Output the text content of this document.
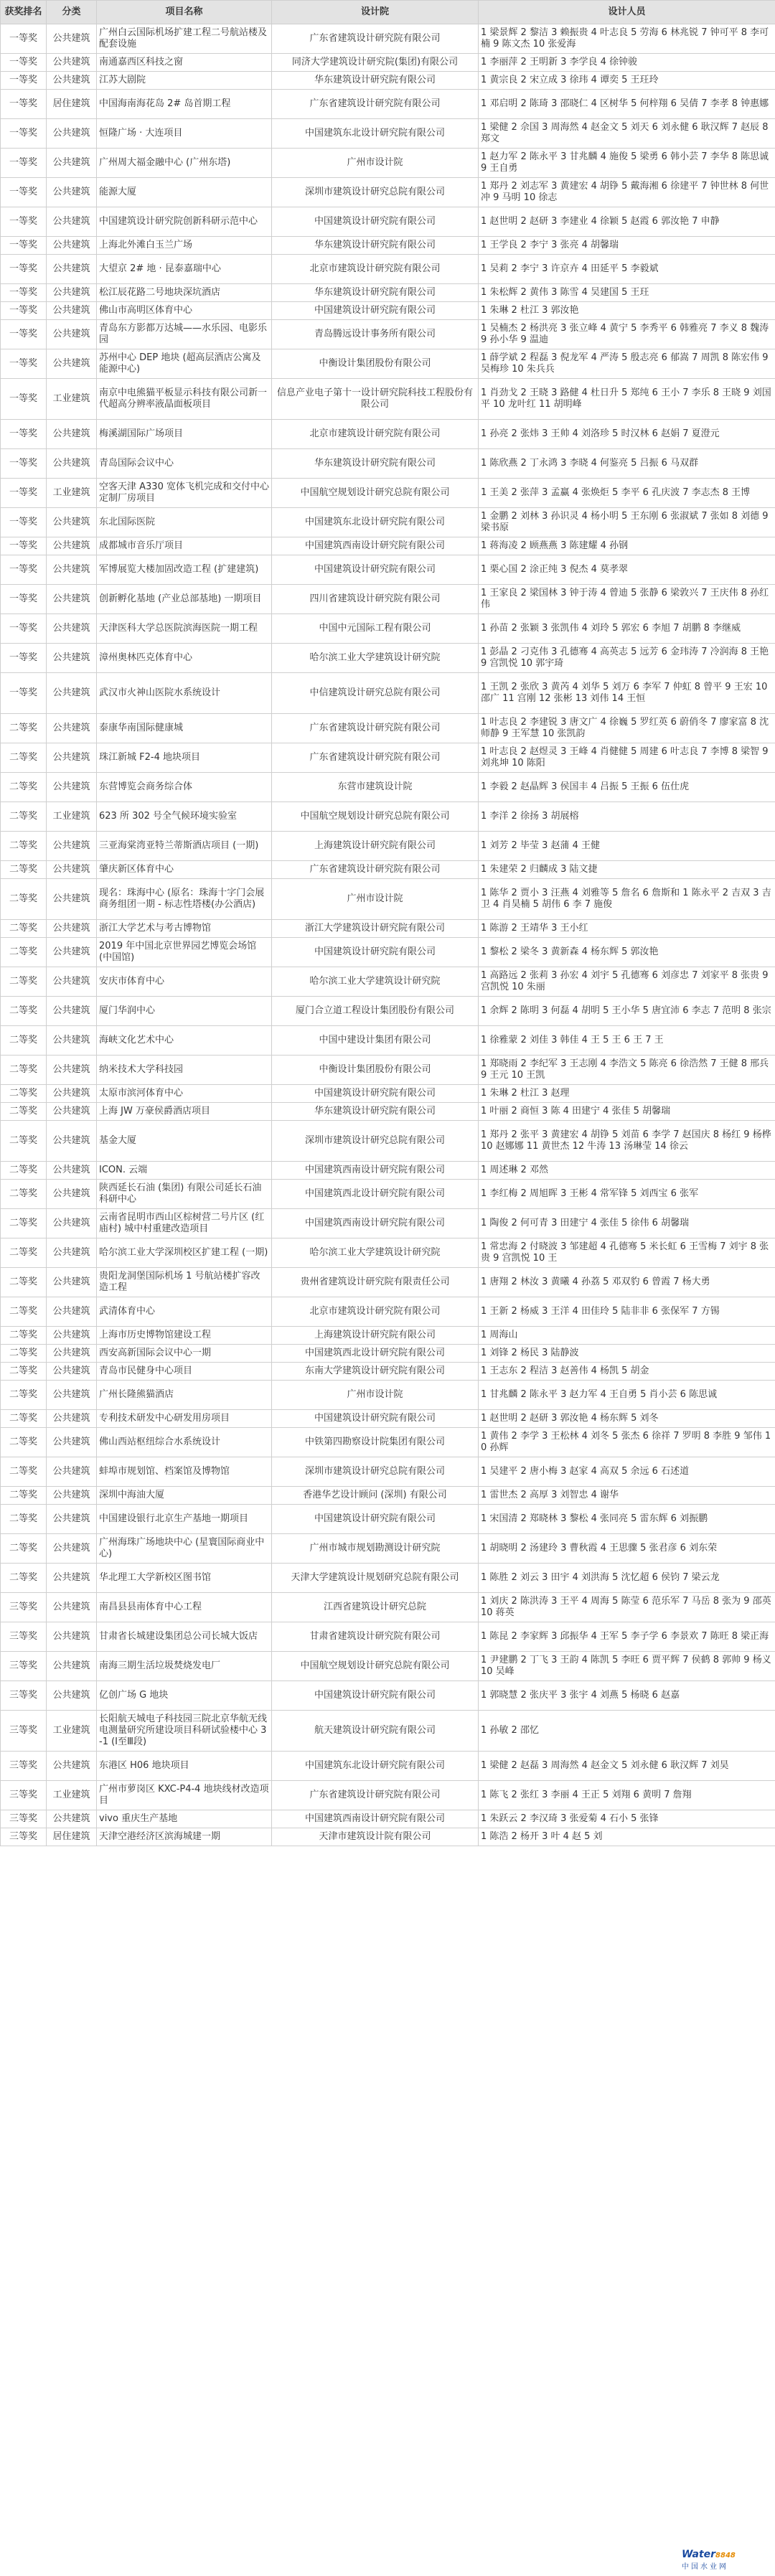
获奖排名	分类	项目名称	设计院	设计人员
一等奖	公共建筑	广州白云国际机场扩建工程二号航站楼及配套设施	广东省建筑设计研究院有限公司	1 梁景辉 2 黎洁 3 赖振贵 4 叶志良 5 劳海 6 林兆锐 7 钟可平 8 李可楠 9 陈文杰 10 张爱海
一等奖	公共建筑	南通嘉西区科技之窗	同济大学建筑设计研究院(集团)有限公司	1 李丽萍 2 王明新 3 李学良 4 徐钟骏
一等奖	公共建筑	江苏大剧院	华东建筑设计研究院有限公司	1 黄宗良 2 宋立成 3 徐玮 4 谭奕 5 王玨玲
一等奖	居住建筑	中国海南海花岛 2# 岛首期工程	广东省建筑设计研究院有限公司	1 邓启明 2 陈琦 3 邵晓仁 4 区树华 5 何梓翔 6 吴倩 7 李孝 8 钟惠娜
一等奖	公共建筑	恒隆广场 · 大连项目	中国建筑东北设计研究院有限公司	1 梁健 2 佘国 3 周海然 4 赵金文 5 刘天 6 刘永健 6 耿汉辉 7 赵辰 8 郑文
一等奖	公共建筑	广州周大福金融中心 (广州东塔)	广州市设计院	1 赵力军 2 陈永平 3 甘兆麟 4 施俊 5 梁勇 6 韩小芸 7 李华 8 陈思诚 9 王自勇
一等奖	公共建筑	能源大厦	深圳市建筑设计研究总院有限公司	1 郑丹 2 刘志军 3 黄建宏 4 胡铮 5 戴海湘 6 徐建平 7 钟世林 8 何世冲 9 马明 10 徐志
一等奖	公共建筑	中国建筑设计研究院创新科研示范中心	中国建筑设计研究院有限公司	1 赵世明 2 赵研 3 李建业 4 徐颖 5 赵霞 6 郭汝艳 7 申静
一等奖	公共建筑	上海北外滩白玉兰广场	华东建筑设计研究院有限公司	1 王学良 2 李宁 3 张亮 4 胡馨瑞
一等奖	公共建筑	大望京 2# 地 · 昆泰嘉瑞中心	北京市建筑设计研究院有限公司	1 吴莉 2 李宁 3 许京卉 4 田延平 5 李毅斌
一等奖	公共建筑	松江辰花路二号地块深坑酒店	华东建筑设计研究院有限公司	1 朱松辉 2 黄伟 3 陈雪 4 吴建国 5 王玨
一等奖	公共建筑	佛山市高明区体育中心	中国建筑设计研究院有限公司	1 朱琳 2 杜江 3 郭汝艳
一等奖	公共建筑	青岛东方影都万达城——水乐园、电影乐园	青岛腾远设计事务所有限公司	1 吴楠杰 2 杨洪亮 3 张立峰 4 黄宁 5 李秀平 6 韩雅亮 7 李义 8 魏涛 9 孙小华 9 温迪
一等奖	公共建筑	苏州中心 DEP 地块 (超高层酒店公寓及能源中心)	中衡设计集团股份有限公司	1 薛学斌 2 程磊 3 倪龙军 4 严涛 5 殷志亮 6 郁嵩 7 周凯 8 陈宏伟 9 吴梅珍 10 朱兵兵
一等奖	工业建筑	南京中电熊猫平板显示科技有限公司新一代超高分辨率液晶面板项目	信息产业电子第十一设计研究院科技工程股份有限公司	1 肖劲戈 2 王晓 3 路健 4 杜日升 5 郑纯 6 王小 7 李乐 8 王晓 9 刘国平 10 龙叶红 11 胡明峰
一等奖	公共建筑	梅溪湖国际广场项目	北京市建筑设计研究院有限公司	1 孙亮 2 张炜 3 王帅 4 刘洛珍 5 时汉林 6 赵娟 7 夏澄元
一等奖	公共建筑	青岛国际会议中心	华东建筑设计研究院有限公司	1 陈欣燕 2 丁永鸿 3 李晓 4 何鉴亮 5 吕振 6 马双群
一等奖	工业建筑	空客天津 A330 宽体飞机完成和交付中心定制厂房项目	中国航空规划设计研究总院有限公司	1 王美 2 张萍 3 孟赢 4 张焕炬 5 李平 6 孔庆波 7 李志杰 8 王博
一等奖	公共建筑	东北国际医院	中国建筑东北设计研究院有限公司	1 金鹏 2 刘林 3 孙识灵 4 杨小明 5 王东刚 6 张淑斌 7 张如 8 刘德 9 梁书原
一等奖	公共建筑	成都城市音乐厅项目	中国建筑西南设计研究院有限公司	1 蒋海凌 2 顾燕燕 3 陈建耀 4 孙钢
一等奖	公共建筑	军博展览大楼加固改造工程 (扩建建筑)	中国建筑设计研究院有限公司	1 栗心国 2 涂正纯 3 倪杰 4 莫孝翠
一等奖	公共建筑	创新孵化基地 (产业总部基地) 一期项目	四川省建筑设计研究院有限公司	1 王家良 2 梁国林 3 钟于涛 4 曾迪 5 张静 6 梁敦兴 7 王庆伟 8 孙红伟
一等奖	公共建筑	天津医科大学总医院滨海医院一期工程	中国中元国际工程有限公司	1 孙苗 2 张颖 3 张凯伟 4 刘玲 5 郭宏 6 李旭 7 胡鹏 8 李继威
一等奖	公共建筑	漳州奥林匹克体育中心	哈尔滨工业大学建筑设计研究院	1 彭晶 2 刁克伟 3 孔德骞 4 高英志 5 远芳 6 金玮涛 7 冷润海 8 王艳 9 宫凯悦 10 郭宇琦
一等奖	公共建筑	武汉市火神山医院水系统设计	中信建筑设计研究总院有限公司	1 王凯 2 张欣 3 黄芮 4 刘华 5 刘万 6 李军 7 仲虹 8 曾平 9 王宏 10 邵广 11 宫刚 12 张彬 13 刘伟 14 王恒
二等奖	公共建筑	泰康华南国际健康城	广东省建筑设计研究院有限公司	1 叶志良 2 李建锐 3 唐文广 4 徐巍 5 罗红英 6 蔚俏冬 7 廖家富 8 沈师静 9 王军慧 10 张凯韵
二等奖	公共建筑	珠江新城 F2-4 地块项目	广东省建筑设计研究院有限公司	1 叶志良 2 赵煜灵 3 王峰 4 肖健健 5 周建 6 叶志良 7 李博 8 梁智 9 刘兆坤 10 陈阳
二等奖	公共建筑	东营博览会商务综合体	东营市建筑设计院	1 李毅 2 赵晶辉 3 侯国丰 4 吕振 5 王振 6 伍仕虎
二等奖	工业建筑	623 所 302 号全气候环境实验室	中国航空规划设计研究总院有限公司	1 李洋 2 徐扬 3 胡展榕
二等奖	公共建筑	三亚海棠湾亚特兰蒂斯酒店项目 (一期)	上海建筑设计研究院有限公司	1 刘芳 2 毕莹 3 赵蒲 4 王健
二等奖	公共建筑	肇庆新区体育中心	广东省建筑设计研究院有限公司	1 朱建荣 2 归麟成 3 陆文捷
二等奖	公共建筑	现名：珠海中心 (原名：珠海十字门会展商务组团一期 - 标志性塔楼(办公酒店)	广州市设计院	1 陈华 2 贾小 3 汪燕 4 刘雅等 5 詹名 6 詹斯和 1 陈永平 2 吉双 3 吉卫 4 肖昊楠 5 胡伟 6 李 7 施俊
二等奖	公共建筑	浙江大学艺术与考古博物馆	浙江大学建筑设计研究院有限公司	1 陈游 2 王靖华 3 王小红
二等奖	公共建筑	2019 年中国北京世界园艺博览会场馆 (中国馆)	中国建筑设计研究院有限公司	1 黎松 2 梁冬 3 黄新森 4 杨东辉 5 郭汝艳
二等奖	公共建筑	安庆市体育中心	哈尔滨工业大学建筑设计研究院	1 高路远 2 张莉 3 孙宏 4 刘宇 5 孔德骞 6 刘彦忠 7 刘家平 8 张贵 9 宫凯悦 10 朱丽
二等奖	公共建筑	厦门华润中心	厦门合立道工程设计集团股份有限公司	1 余辉 2 陈明 3 何磊 4 胡明 5 王小华 5 唐宜沛 6 李志 7 范明 8 张宗
二等奖	公共建筑	海峡文化艺术中心	中国中建设计集团有限公司	1 徐雅蒙 2 刘佳 3 韩佳 4 王 5 王 6 王 7 王
二等奖	公共建筑	纳米技术大学科技园	中衡设计集团股份有限公司	1 郑晓雨 2 李纪军 3 王志刚 4 李浩文 5 陈亮 6 徐浩然 7 王健 8 邢兵 9 王元 10 王凯
二等奖	公共建筑	太原市滨河体育中心	中国建筑设计研究院有限公司	1 朱琳 2 杜江 3 赵理
二等奖	公共建筑	上海 JW 万豪侯爵酒店项目	华东建筑设计研究院有限公司	1 叶丽 2 商恒 3 陈 4 田建宁 4 张佳 5 胡馨瑞
二等奖	公共建筑	基金大厦	深圳市建筑设计研究总院有限公司	1 郑丹 2 张平 3 黄建宏 4 胡铮 5 刘苗 6 李学 7 赵国庆 8 杨红 9 杨桦 10 赵娜娜 11 黄世杰 12 牛涛 13 汤琳莹 14 徐云
二等奖	公共建筑	ICON. 云端	中国建筑西南设计研究院有限公司	1 周述琳 2 邓然
二等奖	公共建筑	陕西延长石油 (集团) 有限公司延长石油科研中心	中国建筑西北设计研究院有限公司	1 李红梅 2 周旭晖 3 王彬 4 常军锋 5 刘西宝 6 张军
二等奖	公共建筑	云南省昆明市西山区棕树营二号片区 (红庙村) 城中村重建改造项目	中国建筑西南设计研究院有限公司	1 陶俊 2 何可青 3 田建宁 4 张佳 5 徐伟 6 胡馨瑞
二等奖	公共建筑	哈尔滨工业大学深圳校区扩建工程 (一期)	哈尔滨工业大学建筑设计研究院	1 常忠海 2 付晓波 3 邹建超 4 孔德骞 5 米长虹 6 王雪梅 7 刘宇 8 张贵 9 宫凯悦 10 王
二等奖	公共建筑	贵阳龙洞堡国际机场 1 号航站楼扩容改造工程	贵州省建筑设计研究院有限责任公司	1 唐翔 2 林汝 3 黄曦 4 孙荔 5 邓双豹 6 曾霞 7 杨大勇
二等奖	公共建筑	武清体育中心	北京市建筑设计研究院有限公司	1 王新 2 杨威 3 王洋 4 田佳玲 5 陆非非 6 张保军 7 方锡
二等奖	公共建筑	上海市历史博物馆建设工程	上海建筑设计研究院有限公司	1 周海山
二等奖	公共建筑	西安高新国际会议中心一期	中国建筑西北设计研究院有限公司	1 刘锋 2 杨民 3 陆静波
二等奖	公共建筑	青岛市民健身中心项目	东南大学建筑设计研究院有限公司	1 王志东 2 程洁 3 赵善伟 4 杨凯 5 胡金
二等奖	公共建筑	广州长隆熊猫酒店	广州市设计院	1 甘兆麟 2 陈永平 3 赵力军 4 王自勇 5 肖小芸 6 陈思诚
二等奖	公共建筑	专利技术研发中心研发用房项目	中国建筑设计研究院有限公司	1 赵世明 2 赵研 3 郭汝艳 4 杨东辉 5 刘冬
二等奖	公共建筑	佛山西站枢纽综合水系统设计	中铁第四勘察设计院集团有限公司	1 黄伟 2 李学 3 王松林 4 刘冬 5 张杰 6 徐祥 7 罗明 8 李胜 9 邹伟 10 孙辉
二等奖	公共建筑	蚌埠市规划馆、档案馆及博物馆	深圳市建筑设计研究总院有限公司	1 吴建平 2 唐小梅 3 赵家 4 高双 5 余远 6 石述道
二等奖	公共建筑	深圳中海油大厦	香港华艺设计顾问 (深圳) 有限公司	1 雷世杰 2 高厚 3 刘智忠 4 谢华
二等奖	公共建筑	中国建设银行北京生产基地一期项目	中国建筑设计研究院有限公司	1 宋国清 2 郑晓林 3 黎松 4 张同亮 5 雷东辉 6 刘振鹏
二等奖	公共建筑	广州海珠广场地块中心 (星寰国际商业中心)	广州市城市规划勘测设计研究院	1 胡晓明 2 汤建玲 3 曹秋霞 4 王思骤 5 张君彦 6 刘东荣
二等奖	公共建筑	华北理工大学新校区图书馆	天津大学建筑设计规划研究总院有限公司	1 陈胜 2 刘云 3 田宇 4 刘洪海 5 沈忆超 6 侯钧 7 梁云龙
三等奖	公共建筑	南昌县县南体育中心工程	江西省建筑设计研究总院	1 刘庆 2 陈洪涛 3 王平 4 周海 5 陈莹 6 范乐军 7 马岳 8 张为 9 邵英 10 蒋英
三等奖	公共建筑	甘肃省长城建设集团总公司长城大饭店	甘肃省建筑设计研究院有限公司	1 陈昆 2 李家辉 3 邱振华 4 王军 5 李子学 6 李景欢 7 陈旺 8 梁正海
三等奖	公共建筑	南海三期生活垃圾焚烧发电厂	中国航空规划设计研究总院有限公司	1 尹建鹏 2 丁飞 3 王韵 4 陈凯 5 李旺 6 贾平辉 7 侯鹤 8 郭帅 9 杨义 10 吴峰
三等奖	公共建筑	亿创广场 G 地块	中国建筑设计研究院有限公司	1 郭晓慧 2 张庆平 3 张宇 4 刘燕 5 杨晓 6 赵嘉
三等奖	工业建筑	长阳航天城电子科技园三院北京华航无线电测量研究所建设项目科研试验楼中心 3-1 (Ⅰ至Ⅲ段)	航天建筑设计研究院有限公司	1 孙敏 2 邵忆
三等奖	公共建筑	东港区 H06 地块项目	中国建筑东北设计研究院有限公司	1 梁健 2 赵磊 3 周海然 4 赵金文 5 刘永健 6 耿汉辉 7 刘昊
三等奖	工业建筑	广州市萝岗区 KXC-P4-4 地块线材改造项目	广东省建筑设计研究院有限公司	1 陈飞 2 张红 3 李丽 4 王正 5 刘翔 6 黄明 7 詹翔
三等奖	公共建筑	vivo 重庆生产基地	中国建筑西南设计研究院有限公司	1 朱跃云 2 李汉琦 3 张爱菊 4 石小 5 张锋
三等奖	居住建筑	天津空港经济区滨海城建一期	天津市建筑设计院有限公司	1 陈浩 2 杨开 3 叶 4 赵 5 刘
Water8848
中国水业网
